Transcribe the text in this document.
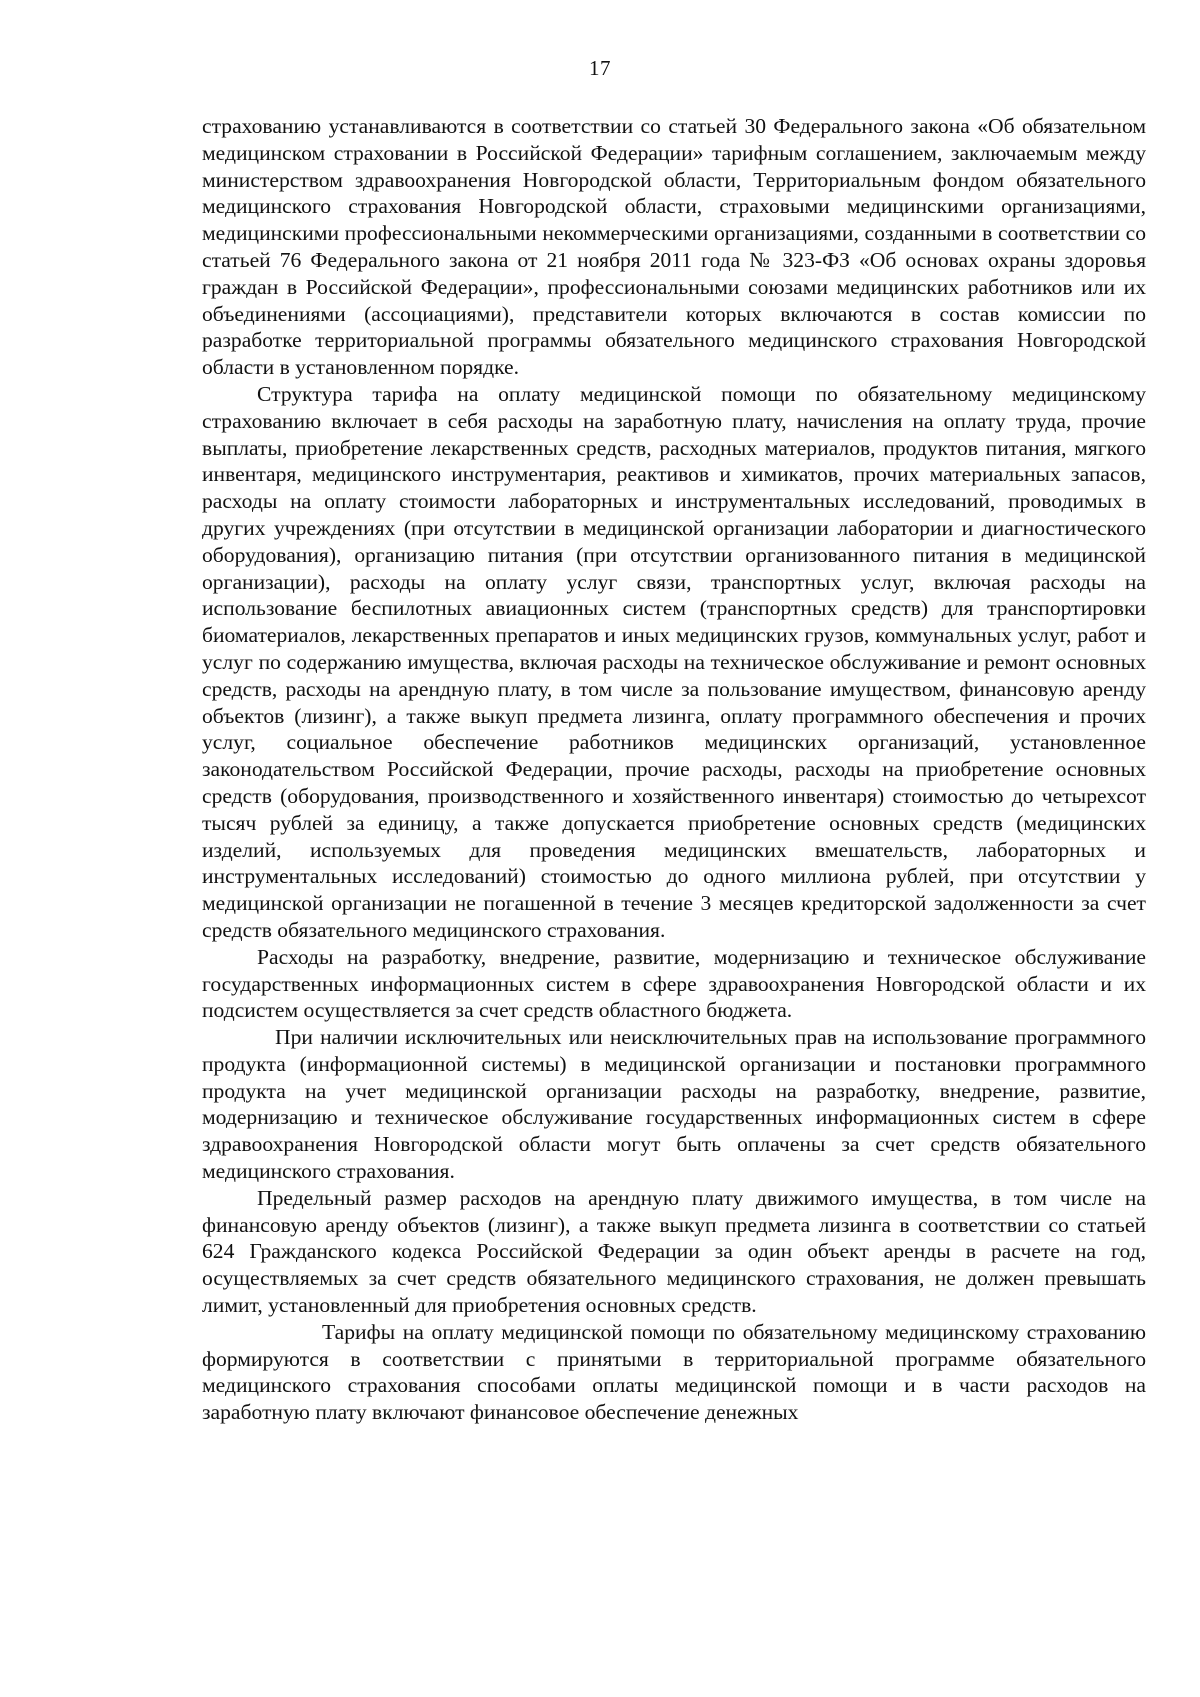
17

страхованию устанавливаются в соответствии со статьей 30 Федерального закона «Об обязательном медицинском страховании в Российской Федерации» тарифным соглашением, заключаемым между министерством здравоохранения Новгородской области, Территориальным фондом обязательного медицинского страхования Новгородской области, страховыми медицинскими организациями, медицинскими профессиональными некоммерческими организациями, созданными в соответствии со статьей 76 Федерального закона от 21 ноября 2011 года № 323-ФЗ «Об основах охраны здоровья граждан в Российской Федерации», профессиональными союзами медицинских работников или их объединениями (ассоциациями), представители которых включаются в состав комиссии по разработке территориальной программы обязательного медицинского страхования Новгородской области в установленном порядке.

Структура тарифа на оплату медицинской помощи по обязательному медицинскому страхованию включает в себя расходы на заработную плату, начисления на оплату труда, прочие выплаты, приобретение лекарственных средств, расходных материалов, продуктов питания, мягкого инвентаря, медицинского инструментария, реактивов и химикатов, прочих материальных запасов, расходы на оплату стоимости лабораторных и инструментальных исследований, проводимых в других учреждениях (при отсутствии в медицинской организации лаборатории и диагностического оборудования), организацию питания (при отсутствии организованного питания в медицинской организации), расходы на оплату услуг связи, транспортных услуг, включая расходы на использование беспилотных авиационных систем (транспортных средств) для транспортировки биоматериалов, лекарственных препаратов и иных медицинских грузов, коммунальных услуг, работ и услуг по содержанию имущества, включая расходы на техническое обслуживание и ремонт основных средств, расходы на арендную плату, в том числе за пользование имуществом, финансовую аренду объектов (лизинг), а также выкуп предмета лизинга, оплату программного обеспечения и прочих услуг, социальное обеспечение работников медицинских организаций, установленное законодательством Российской Федерации, прочие расходы, расходы на приобретение основных средств (оборудования, производственного и хозяйственного инвентаря) стоимостью до четырехсот тысяч рублей за единицу, а также допускается приобретение основных средств (медицинских изделий, используемых для проведения медицинских вмешательств, лабораторных и инструментальных исследований) стоимостью до одного миллиона рублей, при отсутствии у медицинской организации не погашенной в течение 3 месяцев кредиторской задолженности за счет средств обязательного медицинского страхования.

Расходы на разработку, внедрение, развитие, модернизацию и техническое обслуживание государственных информационных систем в сфере здравоохранения Новгородской области и их подсистем осуществляется за счет средств областного бюджета.

При наличии исключительных или неисключительных прав на использование программного продукта (информационной системы) в медицинской организации и постановки программного продукта на учет медицинской организации расходы на разработку, внедрение, развитие, модернизацию и техническое обслуживание государственных информационных систем в сфере здравоохранения Новгородской области могут быть оплачены за счет средств обязательного медицинского страхования.

Предельный размер расходов на арендную плату движимого имущества, в том числе на финансовую аренду объектов (лизинг), а также выкуп предмета лизинга в соответствии со статьей 624 Гражданского кодекса Российской Федерации за один объект аренды в расчете на год, осуществляемых за счет средств обязательного медицинского страхования, не должен превышать лимит, установленный для приобретения основных средств.

Тарифы на оплату медицинской помощи по обязательному медицинскому страхованию формируются в соответствии с принятыми в территориальной программе обязательного медицинского страхования способами оплаты медицинской помощи и в части расходов на заработную плату включают финансовое обеспечение денежных
